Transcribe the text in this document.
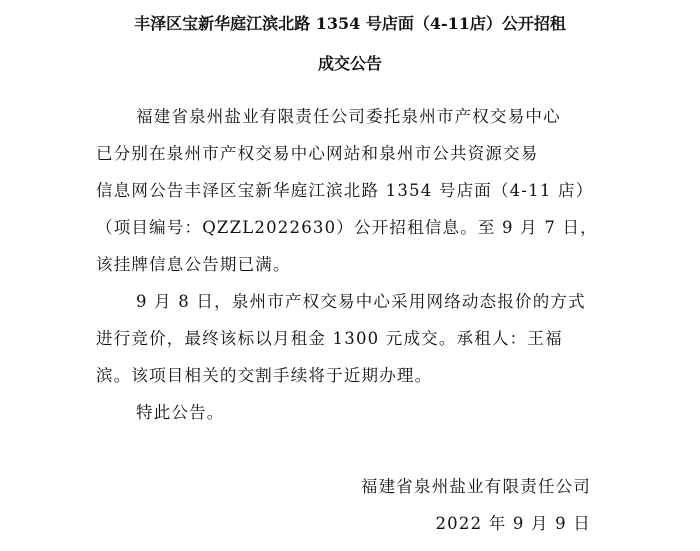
丰泽区宝新华庭江滨北路 1354 号店面（4-11店）公开招租
成交公告

福建省泉州盐业有限责任公司委托泉州市产权交易中心

已分别在泉州市产权交易中心网站和泉州市公共资源交易

信息网公告丰泽区宝新华庭江滨北路 1354 号店面（4-11 店）

（项目编号：QZZL2022630）公开招租信息。至 9 月 7 日，

该挂牌信息公告期已满。

9 月 8 日，泉州市产权交易中心采用网络动态报价的方式

进行竞价，最终该标以月租金 1300 元成交。承租人：王福

滨。该项目相关的交割手续将于近期办理。

特此公告。

福建省泉州盐业有限责任公司

2022 年 9 月 9 日
